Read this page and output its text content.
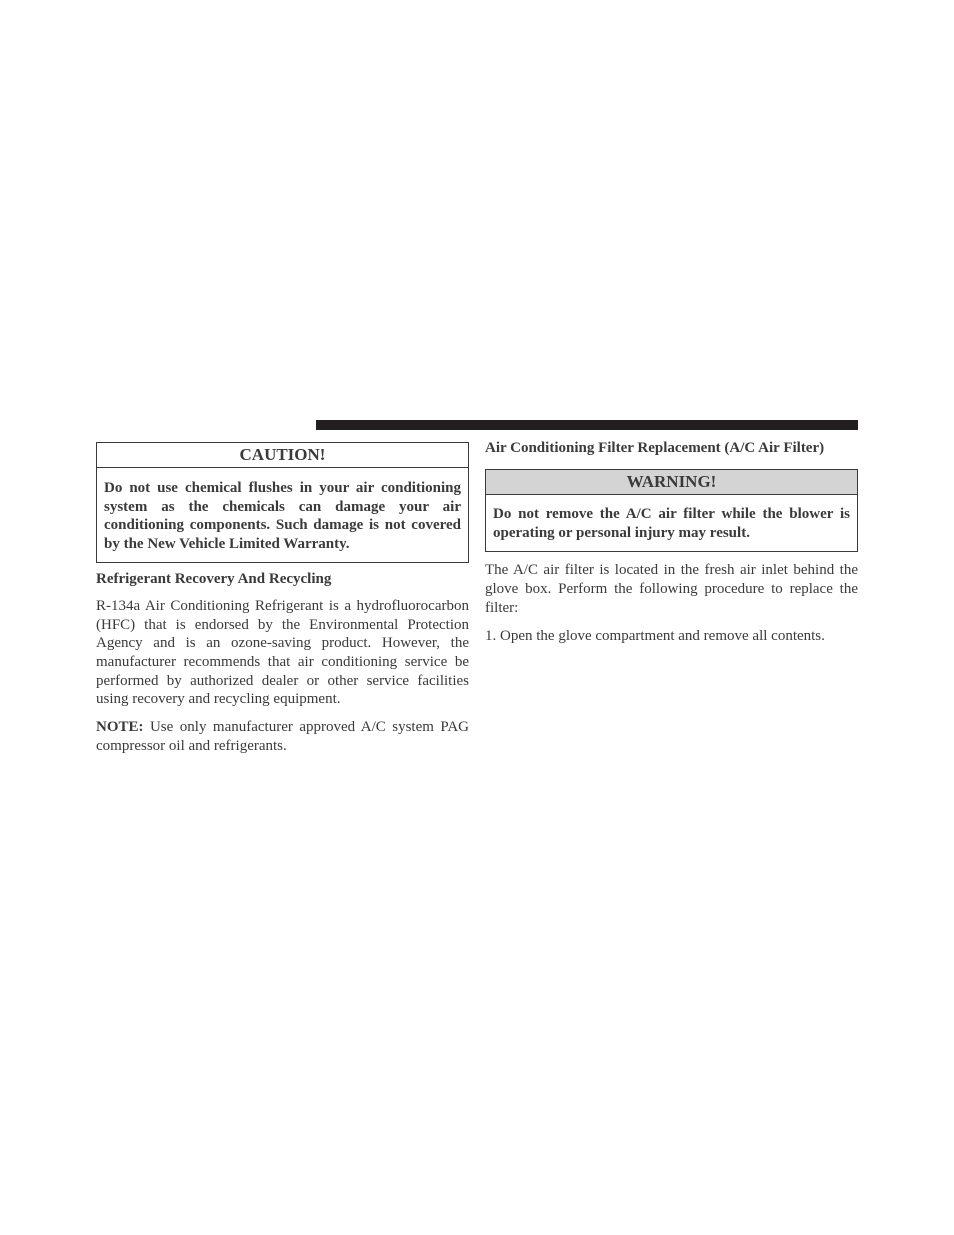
CAUTION!
Do not use chemical flushes in your air conditioning system as the chemicals can damage your air conditioning components. Such damage is not covered by the New Vehicle Limited Warranty.
Refrigerant Recovery And Recycling
R-134a Air Conditioning Refrigerant is a hydrofluorocarbon (HFC) that is endorsed by the Environmental Protection Agency and is an ozone-saving product. However, the manufacturer recommends that air conditioning service be performed by authorized dealer or other service facilities using recovery and recycling equipment.
NOTE: Use only manufacturer approved A/C system PAG compressor oil and refrigerants.
Air Conditioning Filter Replacement (A/C Air Filter)
WARNING!
Do not remove the A/C air filter while the blower is operating or personal injury may result.
The A/C air filter is located in the fresh air inlet behind the glove box. Perform the following procedure to replace the filter:
1. Open the glove compartment and remove all contents.
